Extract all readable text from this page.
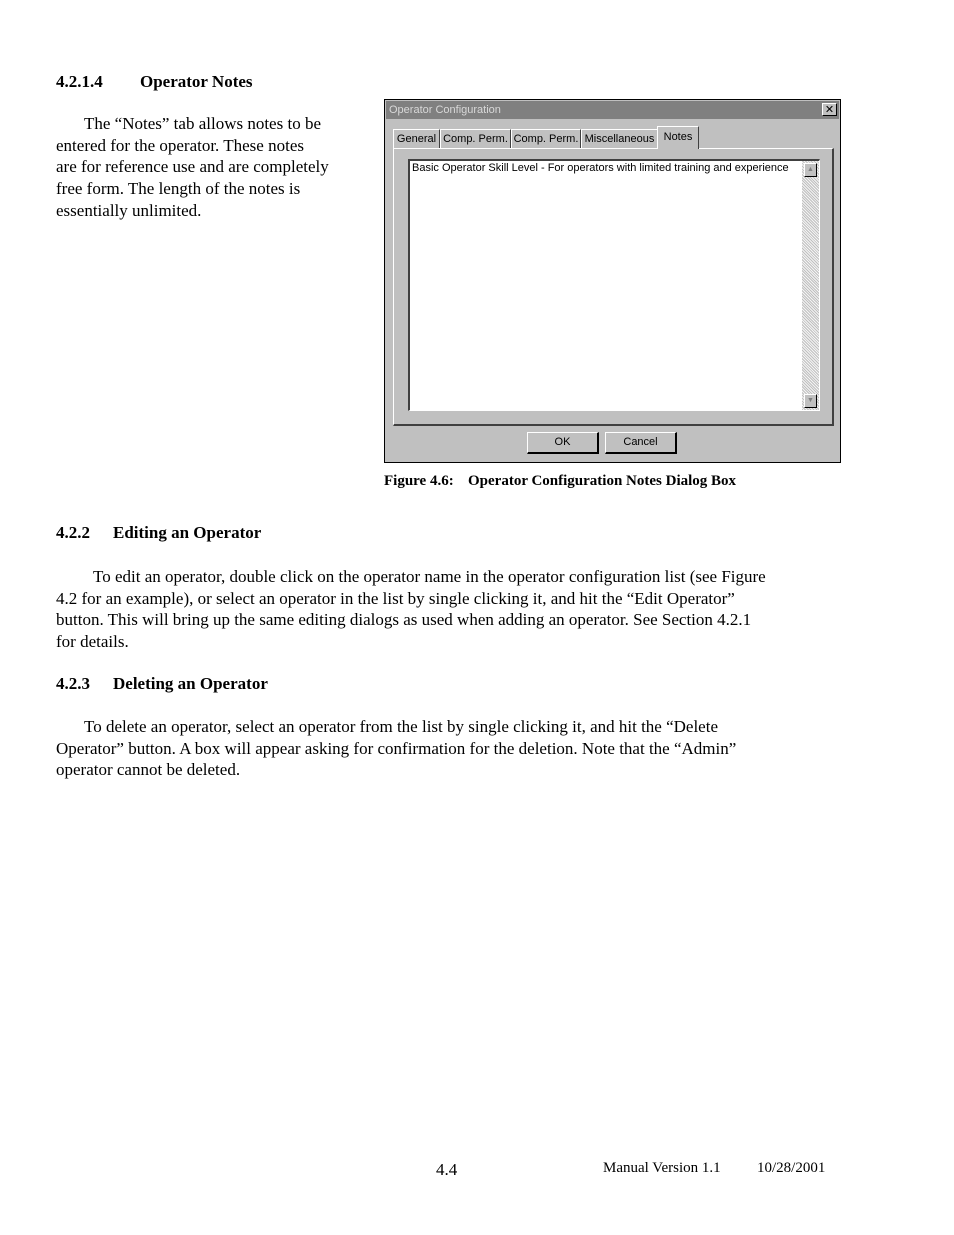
4.2.1.4 Operator Notes

The “Notes” tab allows notes to be

entered for the operator. These notes

are for reference use and are completely

free form. The length of the notes is

essentially unlimited.

Operator Configuration	✕
General Comp. Perm. Comp. Perm. Miscellaneous Notes
Basic Operator Skill Level - For operators with limited training and experience	▲
▼
OK	Cancel
Figure 4.6: Operator Configuration Notes Dialog Box
4.2.2 Editing an Operator

To edit an operator, double click on the operator name in the operator configuration list (see Figure

4.2 for an example), or select an operator in the list by single clicking it, and hit the “Edit Operator”

button. This will bring up the same editing dialogs as used when adding an operator. See Section 4.2.1

for details.

4.2.3 Deleting an Operator

To delete an operator, select an operator from the list by single clicking it, and hit the “Delete

Operator” button. A box will appear asking for confirmation for the deletion. Note that the “Admin”

operator cannot be deleted.

4.4	Manual Version 1.1 10/28/2001
